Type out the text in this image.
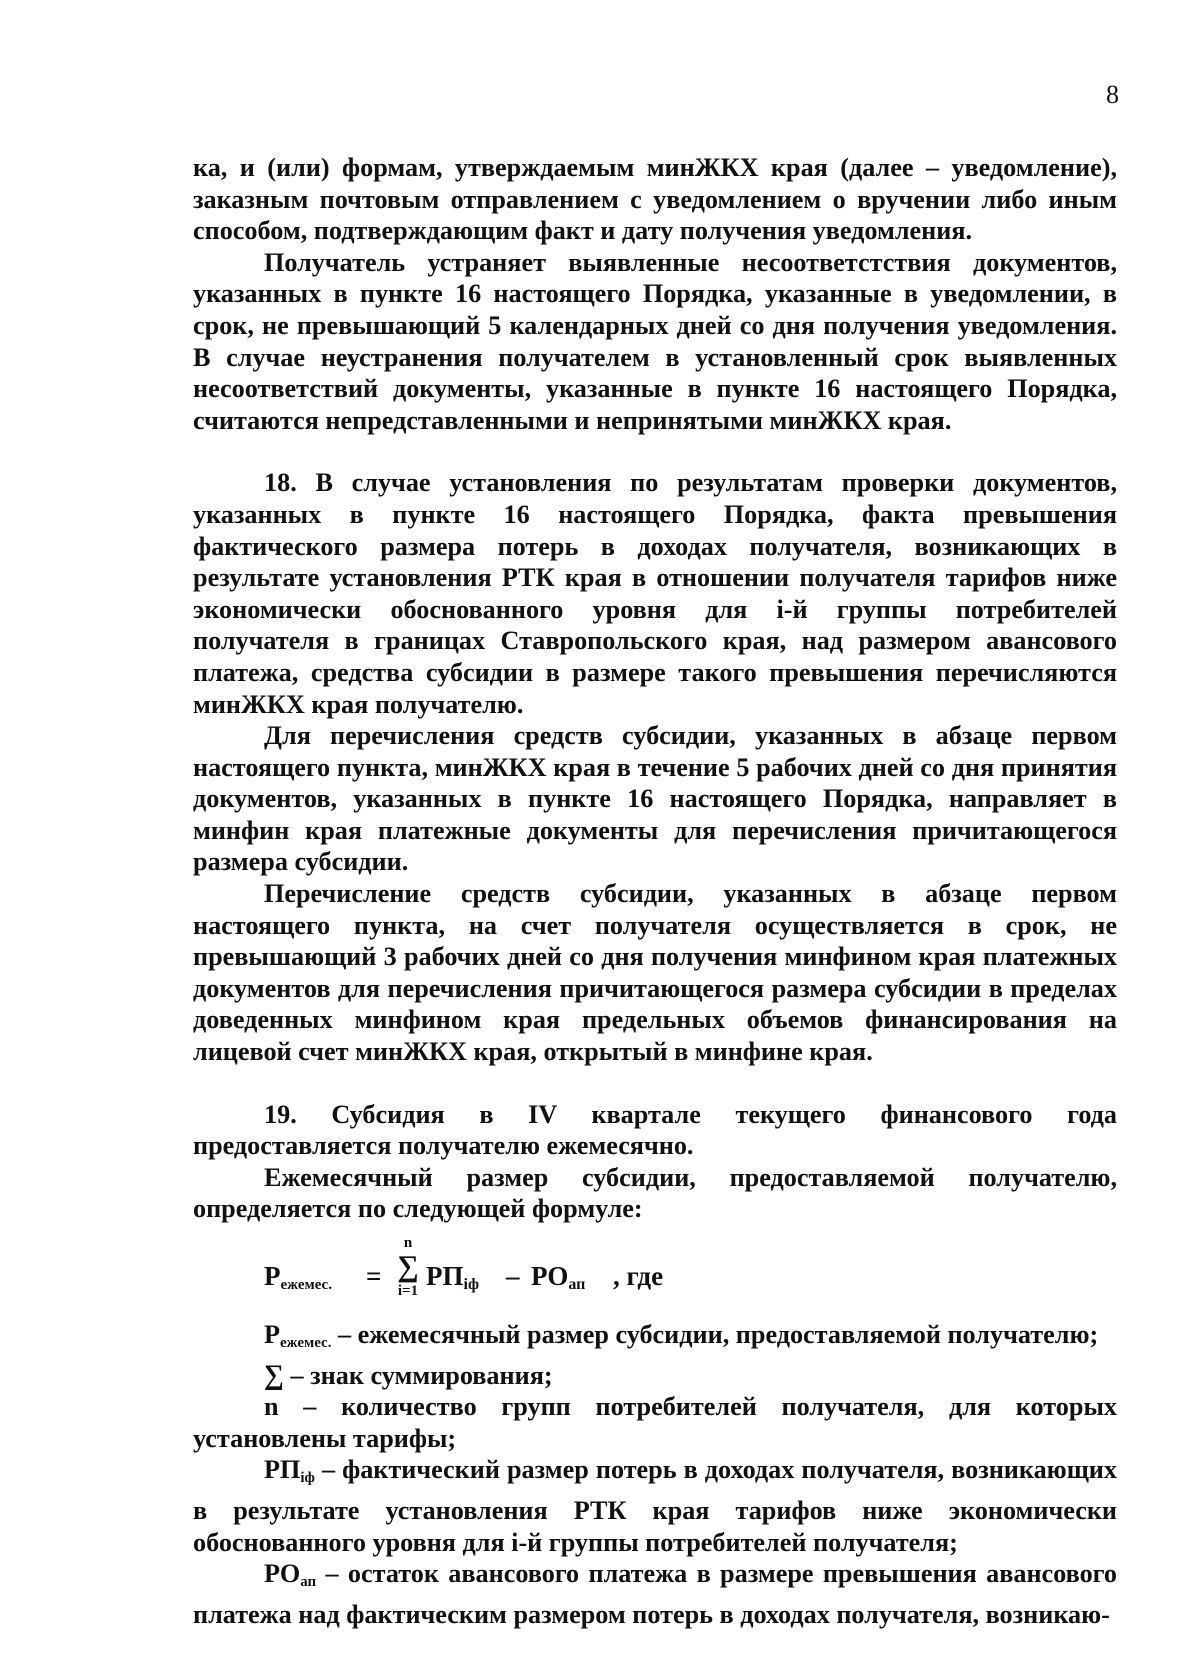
8

ка, и (или) формам, утверждаемым минЖКХ края (далее – уведомление), заказным почтовым отправлением с уведомлением о вручении либо иным способом, подтверждающим факт и дату получения уведомления.

Получатель устраняет выявленные несоответстствия документов, указанных в пункте 16 настоящего Порядка, указанные в уведомлении, в срок, не превышающий 5 календарных дней со дня получения уведомления. В случае неустранения получателем в установленный срок выявленных несоответствий документы, указанные в пункте 16 настоящего Порядка, считаются непредставленными и непринятыми минЖКХ края.

18. В случае установления по результатам проверки документов, указанных в пункте 16 настоящего Порядка, факта превышения фактического размера потерь в доходах получателя, возникающих в результате установления РТК края в отношении получателя тарифов ниже экономически обоснованного уровня для i-й группы потребителей получателя в границах Ставропольского края, над размером авансового платежа, средства субсидии в размере такого превышения перечисляются минЖКХ края получателю.

Для перечисления средств субсидии, указанных в абзаце первом настоящего пункта, минЖКХ края в течение 5 рабочих дней со дня принятия документов, указанных в пункте 16 настоящего Порядка, направляет в минфин края платежные документы для перечисления причитающегося размера субсидии.

Перечисление средств субсидии, указанных в абзаце первом настоящего пункта, на счет получателя осуществляется в срок, не превышающий 3 рабочих дней со дня получения минфином края платежных документов для перечисления причитающегося размера субсидии в пределах доведенных минфином края предельных объемов финансирования на лицевой счет минЖКХ края, открытый в минфине края.

19. Субсидия в IV квартале текущего финансового года предоставляется получателю ежемесячно.

Ежемесячный размер субсидии, предоставляемой получателю, определяется по следующей формуле:

$Р_{ежемес.}$ =
n
∑
i=1 $РП_{iф} - РО_{ап}$ , где

$Р_{ежемес.}$ – ежемесячный размер субсидии, предоставляемой получателю;

∑ – знак суммирования;

n – количество групп потребителей получателя, для которых установлены тарифы;

$РП_{iф}$ – фактический размер потерь в доходах получателя, возникающих в результате установления РТК края тарифов ниже экономически обоснованного уровня для i-й группы потребителей получателя;

$РО_{ап}$ – остаток авансового платежа в размере превышения авансового платежа над фактическим размером потерь в доходах получателя, возникаю-
